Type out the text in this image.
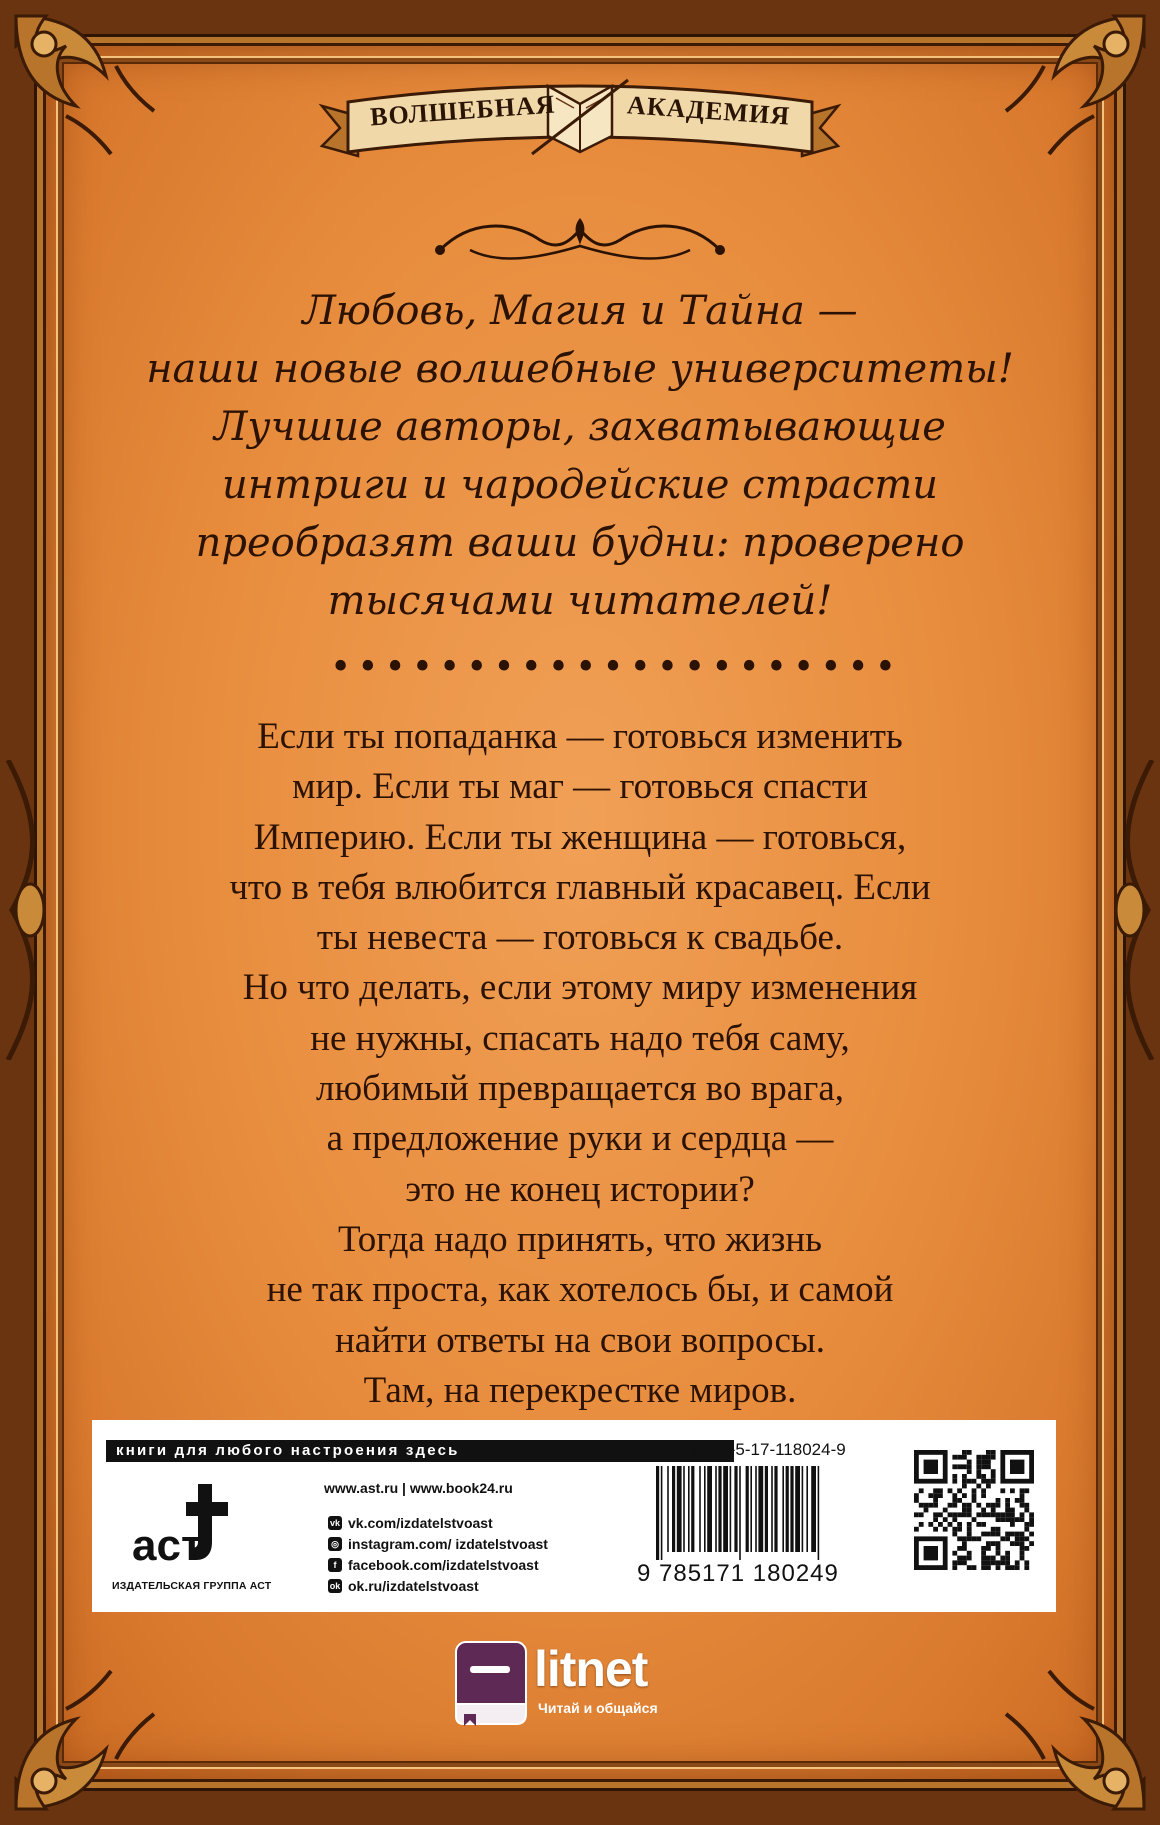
ВОЛШЕБНАЯ	АКАДЕМИЯ

Любовь, Магия и Тайна —
наши новые волшебные университеты!
Лучшие авторы, захватывающие
интриги и чародейские страсти
преобразят ваши будни: проверено
тысячами читателей!

•••••••••••••••••••••

Если ты попаданка — готовься изменить
мир. Если ты маг — готовься спасти
Империю. Если ты женщина — готовься,
что в тебя влюбится главный красавец. Если
ты невеста — готовься к свадьбе.
Но что делать, если этому миру изменения
не нужны, спасать надо тебя саму,
любимый превращается во врага,
а предложение руки и сердца —
это не конец истории?
Тогда надо принять, что жизнь
не так проста, как хотелось бы, и самой
найти ответы на свои вопросы.
Там, на перекрестке миров.

книги для любого настроения здесь
аст
ИЗДАТЕЛЬСКАЯ ГРУППА АСТ
www.ast.ru | www.book24.ru
vk vk.com/izdatelstvoast
◎ instagram.com/ izdatelstvoast
f facebook.com/izdatelstvoast
ok ok.ru/izdatelstvoast
ISBN 978-5-17-118024-9
9 785171 180249
litnet
Читай и общайся
